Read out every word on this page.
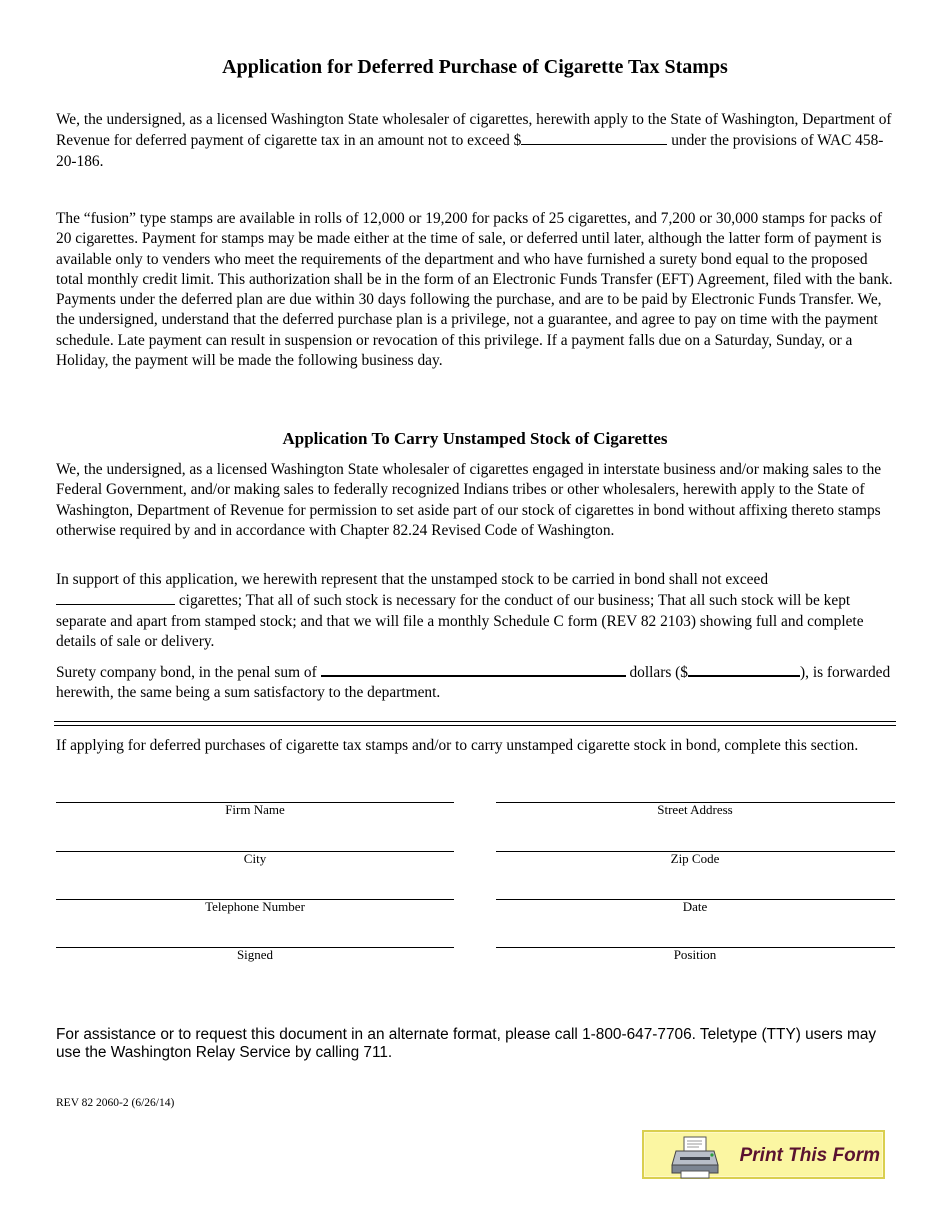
Application for Deferred Purchase of Cigarette Tax Stamps
We, the undersigned, as a licensed Washington State wholesaler of cigarettes, herewith apply to the State of Washington, Department of Revenue for deferred payment of cigarette tax in an amount not to exceed $	under the provisions of WAC 458-20-186.
The “fusion” type stamps are available in rolls of 12,000 or 19,200 for packs of 25 cigarettes, and 7,200 or 30,000 stamps for packs of 20 cigarettes. Payment for stamps may be made either at the time of sale, or deferred until later, although the latter form of payment is available only to venders who meet the requirements of the department and who have furnished a surety bond equal to the proposed total monthly credit limit. This authorization shall be in the form of an Electronic Funds Transfer (EFT) Agreement, filed with the bank. Payments under the deferred plan are due within 30 days following the purchase, and are to be paid by Electronic Funds Transfer. We, the undersigned, understand that the deferred purchase plan is a privilege, not a guarantee, and agree to pay on time with the payment schedule. Late payment can result in suspension or revocation of this privilege. If a payment falls due on a Saturday, Sunday, or a Holiday, the payment will be made the following business day.
Application To Carry Unstamped Stock of Cigarettes
We, the undersigned, as a licensed Washington State wholesaler of cigarettes engaged in interstate business and/or making sales to the Federal Government, and/or making sales to federally recognized Indians tribes or other wholesalers, herewith apply to the State of Washington, Department of Revenue for permission to set aside part of our stock of cigarettes in bond without affixing thereto stamps otherwise required by and in accordance with Chapter 82.24 Revised Code of Washington.
In support of this application, we herewith represent that the unstamped stock to be carried in bond shall not exceed
cigarettes; That all of such stock is necessary for the conduct of our business; That all such stock will be kept separate and apart from stamped stock; and that we will file a monthly Schedule C form (REV 82 2103) showing full and complete details of sale or delivery.
Surety company bond, in the penal sum of	dollars ($	), is forwarded herewith, the same being a sum satisfactory to the department.
If applying for deferred purchases of cigarette tax stamps and/or to carry unstamped cigarette stock in bond, complete this section.
Firm Name	Street Address
City	Zip Code
Telephone Number	Date
Signed	Position
For assistance or to request this document in an alternate format, please call 1-800-647-7706. Teletype (TTY) users may use the Washington Relay Service by calling 711.
REV 82 2060-2 (6/26/14)
Print This Form
